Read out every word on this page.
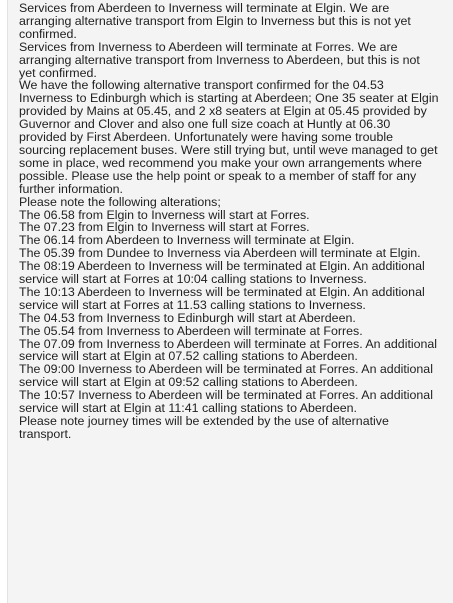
Services from Aberdeen to Inverness will terminate at Elgin. We are arranging alternative transport from Elgin to Inverness but this is not yet confirmed.

Services from Inverness to Aberdeen will terminate at Forres. We are arranging alternative transport from Inverness to Aberdeen, but this is not yet confirmed.

We have the following alternative transport confirmed for the 04.53 Inverness to Edinburgh which is starting at Aberdeen; One 35 seater at Elgin provided by Mains at 05.45, and 2 x8 seaters at Elgin at 05.45 provided by Guvernor and Clover and also one full size coach at Huntly at 06.30 provided by First Aberdeen. Unfortunately were having some trouble sourcing replacement buses. Were still trying but, until weve managed to get some in place, wed recommend you make your own arrangements where possible. Please use the help point or speak to a member of staff for any further information.

Please note the following alterations;

The 06.58 from Elgin to Inverness will start at Forres.

The 07.23 from Elgin to Inverness will start at Forres.

The 06.14 from Aberdeen to Inverness will terminate at Elgin.

The 05.39 from Dundee to Inverness via Aberdeen will terminate at Elgin.

The 08:19 Aberdeen to Inverness will be terminated at Elgin. An additional service will start at Forres at 10:04 calling stations to Inverness.

The 10:13 Aberdeen to Inverness will be terminated at Elgin. An additional service will start at Forres at 11.53 calling stations to Inverness.

The 04.53 from Inverness to Edinburgh will start at Aberdeen.

The 05.54 from Inverness to Aberdeen will terminate at Forres.

The 07.09 from Inverness to Aberdeen will terminate at Forres. An additional service will start at Elgin at 07.52 calling stations to Aberdeen.

The 09:00 Inverness to Aberdeen will be terminated at Forres. An additional service will start at Elgin at 09:52 calling stations to Aberdeen.

The 10:57 Inverness to Aberdeen will be terminated at Forres. An additional service will start at Elgin at 11:41 calling stations to Aberdeen.

Please note journey times will be extended by the use of alternative transport.
